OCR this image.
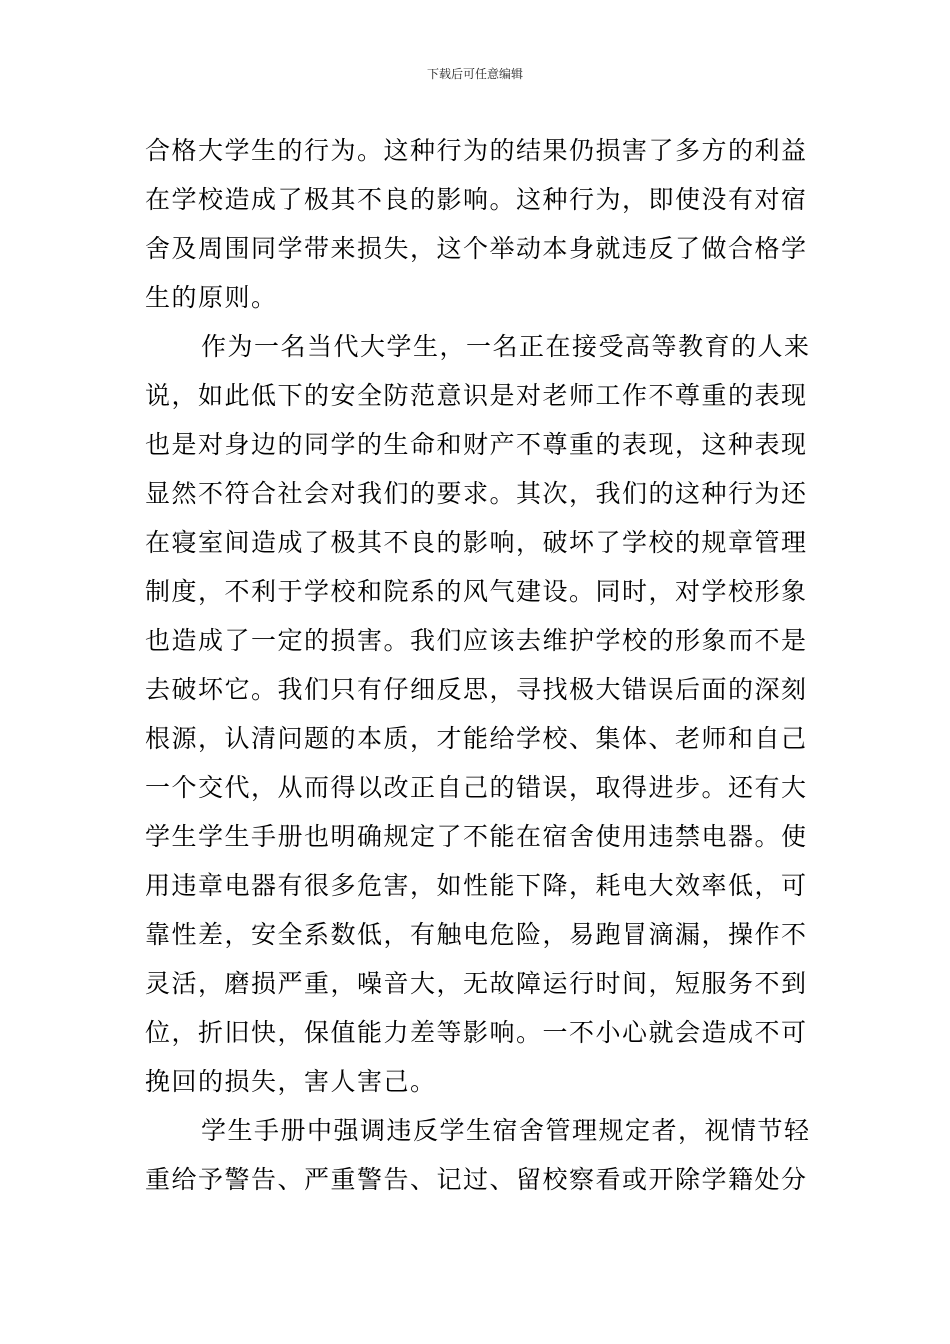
下载后可任意编辑

合格大学生的行为。这种行为的结果仍损害了多方的利益
在学校造成了极其不良的影响。这种行为，即使没有对宿
舍及周围同学带来损失，这个举动本身就违反了做合格学
生的原则。

作为一名当代大学生，一名正在接受高等教育的人来
说，如此低下的安全防范意识是对老师工作不尊重的表现
也是对身边的同学的生命和财产不尊重的表现，这种表现
显然不符合社会对我们的要求。其次，我们的这种行为还
在寝室间造成了极其不良的影响，破坏了学校的规章管理
制度，不利于学校和院系的风气建设。同时，对学校形象
也造成了一定的损害。我们应该去维护学校的形象而不是
去破坏它。我们只有仔细反思，寻找极大错误后面的深刻
根源，认清问题的本质，才能给学校、集体、老师和自己
一个交代，从而得以改正自己的错误，取得进步。还有大
学生学生手册也明确规定了不能在宿舍使用违禁电器。使
用违章电器有很多危害，如性能下降，耗电大效率低，可
靠性差，安全系数低，有触电危险，易跑冒滴漏，操作不
灵活，磨损严重，噪音大，无故障运行时间，短服务不到
位，折旧快，保值能力差等影响。一不小心就会造成不可
挽回的损失，害人害己。

学生手册中强调违反学生宿舍管理规定者，视情节轻
重给予警告、严重警告、记过、留校察看或开除学籍处分
